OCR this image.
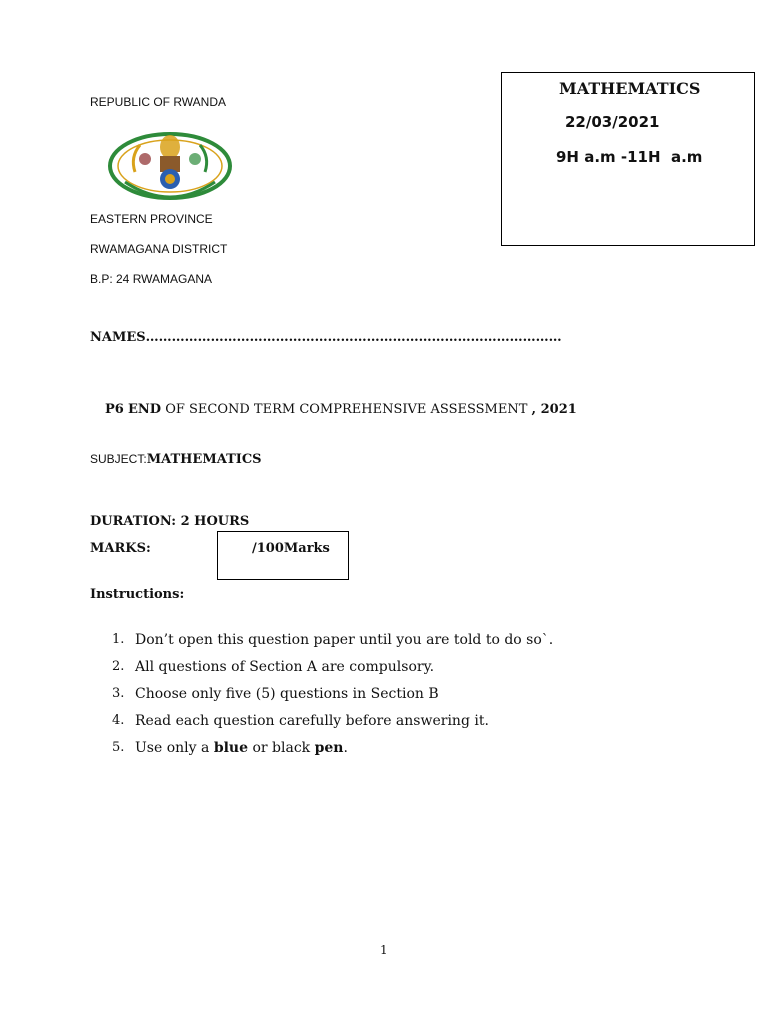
REPUBLIC OF RWANDA
EASTERN PROVINCE
RWAMAGANA DISTRICT
B.P: 24 RWAMAGANA
MATHEMATICS
22/03/2021
9H a.m -11H  a.m
NAMES……………………………………………………………………………………
P6 END OF SECOND TERM COMPREHENSIVE ASSESSMENT , 2021
SUBJECT:MATHEMATICS
DURATION: 2 HOURS
MARKS:	/100Marks
Instructions:
1. Don’t open this question paper until you are told to do so`.
2. All questions of Section A are compulsory.
3. Choose only five (5) questions in Section B
4. Read each question carefully before answering it.
5. Use only a blue or black pen.
1
